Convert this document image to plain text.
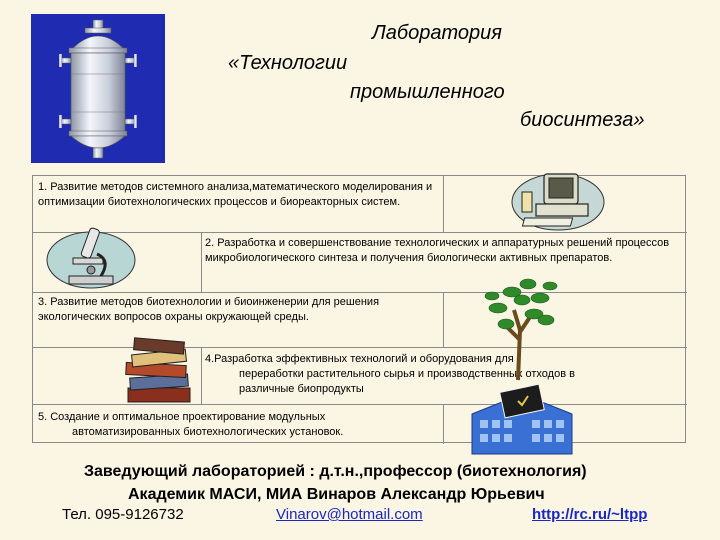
Лаборатория
«Технологии
промышленного
биосинтеза»
1. Развитие методов системного анализа,математического моделирования и оптимизации биотехнологических процессов и биореакторных систем.
2. Разработка и совершенствование технологических и аппаратурных решений процессов микробиологического синтеза и получения биологически активных препаратов.
3. Развитие методов биотехнологии и биоинженерии для решения экологических вопросов охраны окружающей среды.
4.Разработка эффективных технологий и оборудования для
переработки растительного сырья и производственных отходов в
различные биопродукты
5. Создание и оптимальное проектирование модульных
автоматизированных биотехнологических установок.
Заведующий лабораторией : д.т.н.,профессор (биотехнология)
Академик МАСИ, МИА Винаров Александр Юрьевич
Тел. 095-9126732	Vinarov@hotmail.com	http://rc.ru/~ltpp
